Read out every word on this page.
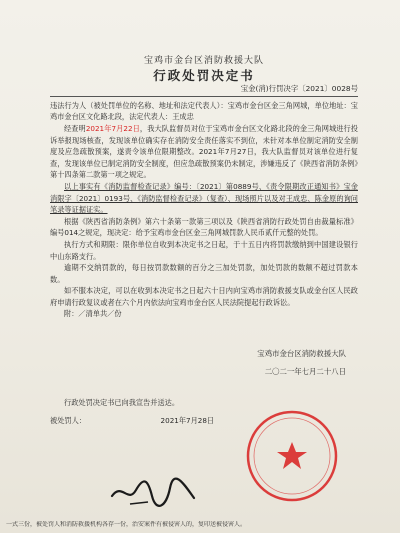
宝鸡市金台区消防救援大队
行政处罚决定书
宝金(消)行罚决字〔2021〕0028号

违法行为人（被处罚单位的名称、地址和法定代表人）：宝鸡市金台区金三角网城，单位地址：宝鸡市金台区文化路北段，法定代表人：王成忠

经查明2021年7月22日，我大队监督员对位于宝鸡市金台区文化路北段的金三角网城进行投诉举报现场核查，发现该单位确实存在消防安全责任落实不到位，未针对本单位制定消防安全制度及应急疏散预案，遂责令该单位限期整改。2021年7月27日，我大队监督员对该单位进行复查，发现该单位已制定消防安全制度，但应急疏散预案仍未制定，涉嫌违反了《陕西省消防条例》第十四条第二款第一项之规定。

以上事实有《消防监督检查记录》编号：〔2021〕第0889号、《责令限期改正通知书》宝金消限字〔2021〕0193号、《消防监督检查记录》（复查）、现场照片以及对王成忠、陈金原的询问笔录等证据证实。

根据《陕西省消防条例》第六十条第一款第三项以及《陕西省消防行政处罚自由裁量标准》编号014之规定，现决定：给予宝鸡市金台区金三角网城罚款人民币贰仟元整的处罚。

执行方式和期限：限你单位自收到本决定书之日起，于十五日内将罚款缴纳到中国建设银行中山东路支行。

逾期不交纳罚款的，每日按罚款数额的百分之三加处罚款，加处罚款的数额不超过罚款本数。

如不服本决定，可以在收到本决定书之日起六十日内向宝鸡市消防救援支队或金台区人民政府申请行政复议或者在六个月内依法向宝鸡市金台区人民法院提起行政诉讼。

附：／清单共／份

宝鸡市金台区消防救援大队
二〇二一年七月二十八日

行政处罚决定书已向我宣告并送达。

被处罚人：	2021年7月28日

一式三份，被处罚人和消防救援机构各存一份，治安案件有被侵害人的，复印送被侵害人。
